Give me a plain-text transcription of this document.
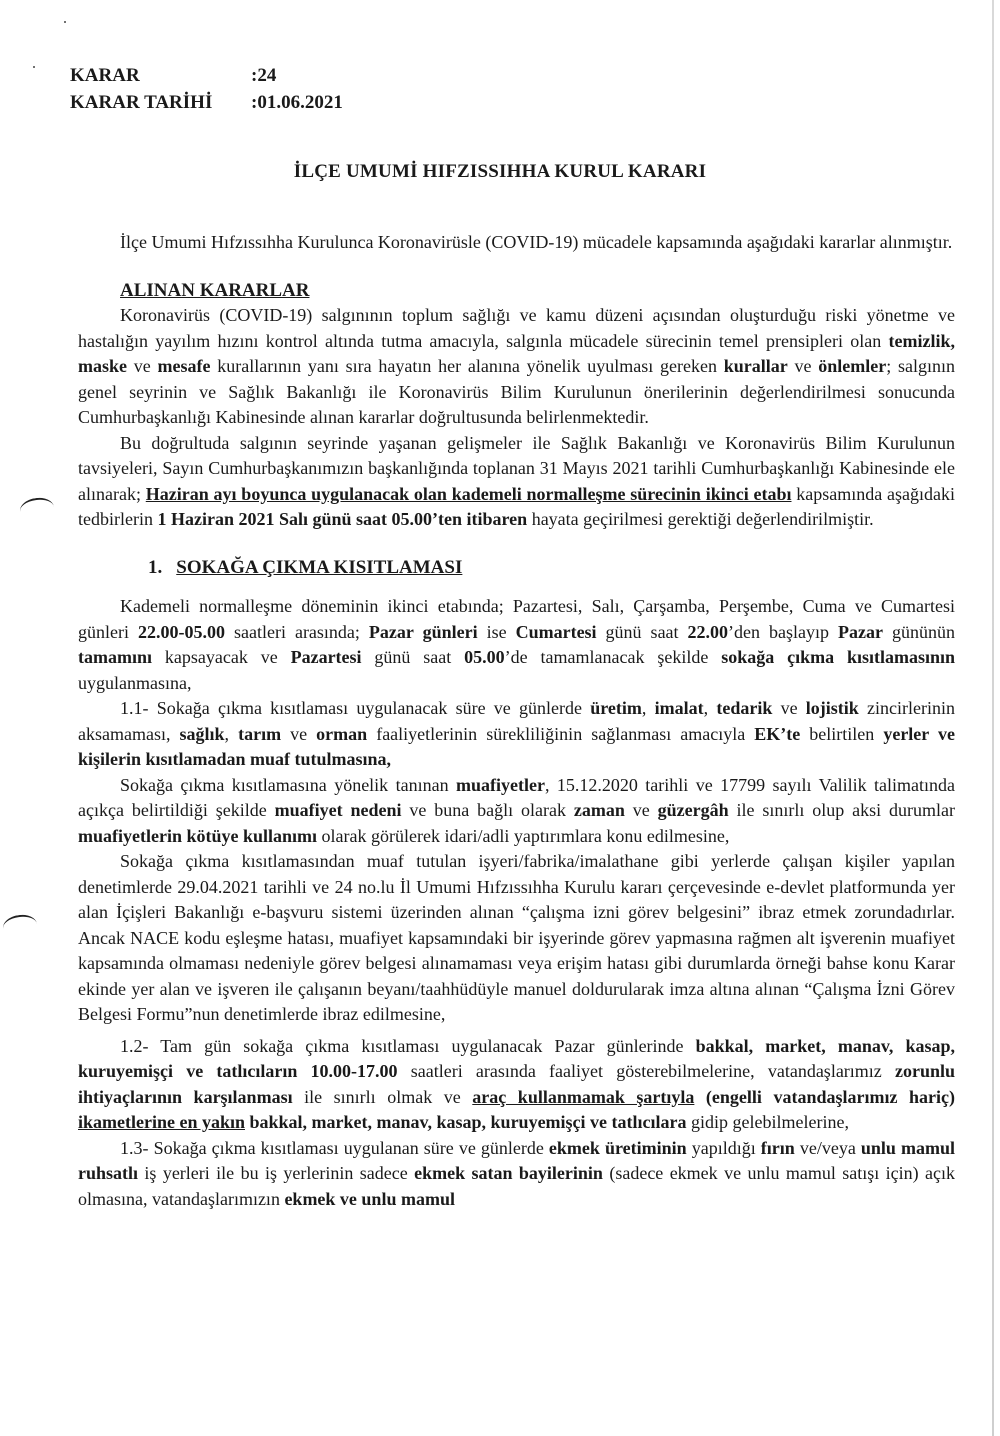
KARAR	:24
KARAR TARİHİ	:01.06.2021
İLÇE UMUMİ HIFZISSIHHA KURUL KARARI

İlçe Umumi Hıfzıssıhha Kurulunca Koronavirüsle (COVID-19) mücadele kapsamında aşağıdaki kararlar alınmıştır.

ALINAN KARARLAR

Koronavirüs (COVID-19) salgınının toplum sağlığı ve kamu düzeni açısından oluşturduğu riski yönetme ve hastalığın yayılım hızını kontrol altında tutma amacıyla, salgınla mücadele sürecinin temel prensipleri olan temizlik, maske ve mesafe kurallarının yanı sıra hayatın her alanına yönelik uyulması gereken kurallar ve önlemler; salgının genel seyrinin ve Sağlık Bakanlığı ile Koronavirüs Bilim Kurulunun önerilerinin değerlendirilmesi sonucunda Cumhurbaşkanlığı Kabinesinde alınan kararlar doğrultusunda belirlenmektedir.

Bu doğrultuda salgının seyrinde yaşanan gelişmeler ile Sağlık Bakanlığı ve Koronavirüs Bilim Kurulunun tavsiyeleri, Sayın Cumhurbaşkanımızın başkanlığında toplanan 31 Mayıs 2021 tarihli Cumhurbaşkanlığı Kabinesinde ele alınarak; Haziran ayı boyunca uygulanacak olan kademeli normalleşme sürecinin ikinci etabı kapsamında aşağıdaki tedbirlerin 1 Haziran 2021 Salı günü saat 05.00’ten itibaren hayata geçirilmesi gerektiği değerlendirilmiştir.

1. SOKAĞA ÇIKMA KISITLAMASI

Kademeli normalleşme döneminin ikinci etabında; Pazartesi, Salı, Çarşamba, Perşembe, Cuma ve Cumartesi günleri 22.00-05.00 saatleri arasında; Pazar günleri ise Cumartesi günü saat 22.00’den başlayıp Pazar gününün tamamını kapsayacak ve Pazartesi günü saat 05.00’de tamamlanacak şekilde sokağa çıkma kısıtlamasının uygulanmasına,

1.1- Sokağa çıkma kısıtlaması uygulanacak süre ve günlerde üretim, imalat, tedarik ve lojistik zincirlerinin aksamaması, sağlık, tarım ve orman faaliyetlerinin sürekliliğinin sağlanması amacıyla EK’te belirtilen yerler ve kişilerin kısıtlamadan muaf tutulmasına,

Sokağa çıkma kısıtlamasına yönelik tanınan muafiyetler, 15.12.2020 tarihli ve 17799 sayılı Valilik talimatında açıkça belirtildiği şekilde muafiyet nedeni ve buna bağlı olarak zaman ve güzergâh ile sınırlı olup aksi durumlar muafiyetlerin kötüye kullanımı olarak görülerek idari/adli yaptırımlara konu edilmesine,

Sokağa çıkma kısıtlamasından muaf tutulan işyeri/fabrika/imalathane gibi yerlerde çalışan kişiler yapılan denetimlerde 29.04.2021 tarihli ve 24 no.lu İl Umumi Hıfzıssıhha Kurulu kararı çerçevesinde e-devlet platformunda yer alan İçişleri Bakanlığı e-başvuru sistemi üzerinden alınan “çalışma izni görev belgesini” ibraz etmek zorundadırlar. Ancak NACE kodu eşleşme hatası, muafiyet kapsamındaki bir işyerinde görev yapmasına rağmen alt işverenin muafiyet kapsamında olmaması nedeniyle görev belgesi alınamaması veya erişim hatası gibi durumlarda örneği bahse konu Karar ekinde yer alan ve işveren ile çalışanın beyanı/taahhüdüyle manuel doldurularak imza altına alınan “Çalışma İzni Görev Belgesi Formu”nun denetimlerde ibraz edilmesine,

1.2- Tam gün sokağa çıkma kısıtlaması uygulanacak Pazar günlerinde bakkal, market, manav, kasap, kuruyemişçi ve tatlıcıların 10.00-17.00 saatleri arasında faaliyet gösterebilmelerine, vatandaşlarımız zorunlu ihtiyaçlarının karşılanması ile sınırlı olmak ve araç kullanmamak şartıyla (engelli vatandaşlarımız hariç) ikametlerine en yakın bakkal, market, manav, kasap, kuruyemişçi ve tatlıcılara gidip gelebilmelerine,

1.3- Sokağa çıkma kısıtlaması uygulanan süre ve günlerde ekmek üretiminin yapıldığı fırın ve/veya unlu mamul ruhsatlı iş yerleri ile bu iş yerlerinin sadece ekmek satan bayilerinin (sadece ekmek ve unlu mamul satışı için) açık olmasına, vatandaşlarımızın ekmek ve unlu mamul
